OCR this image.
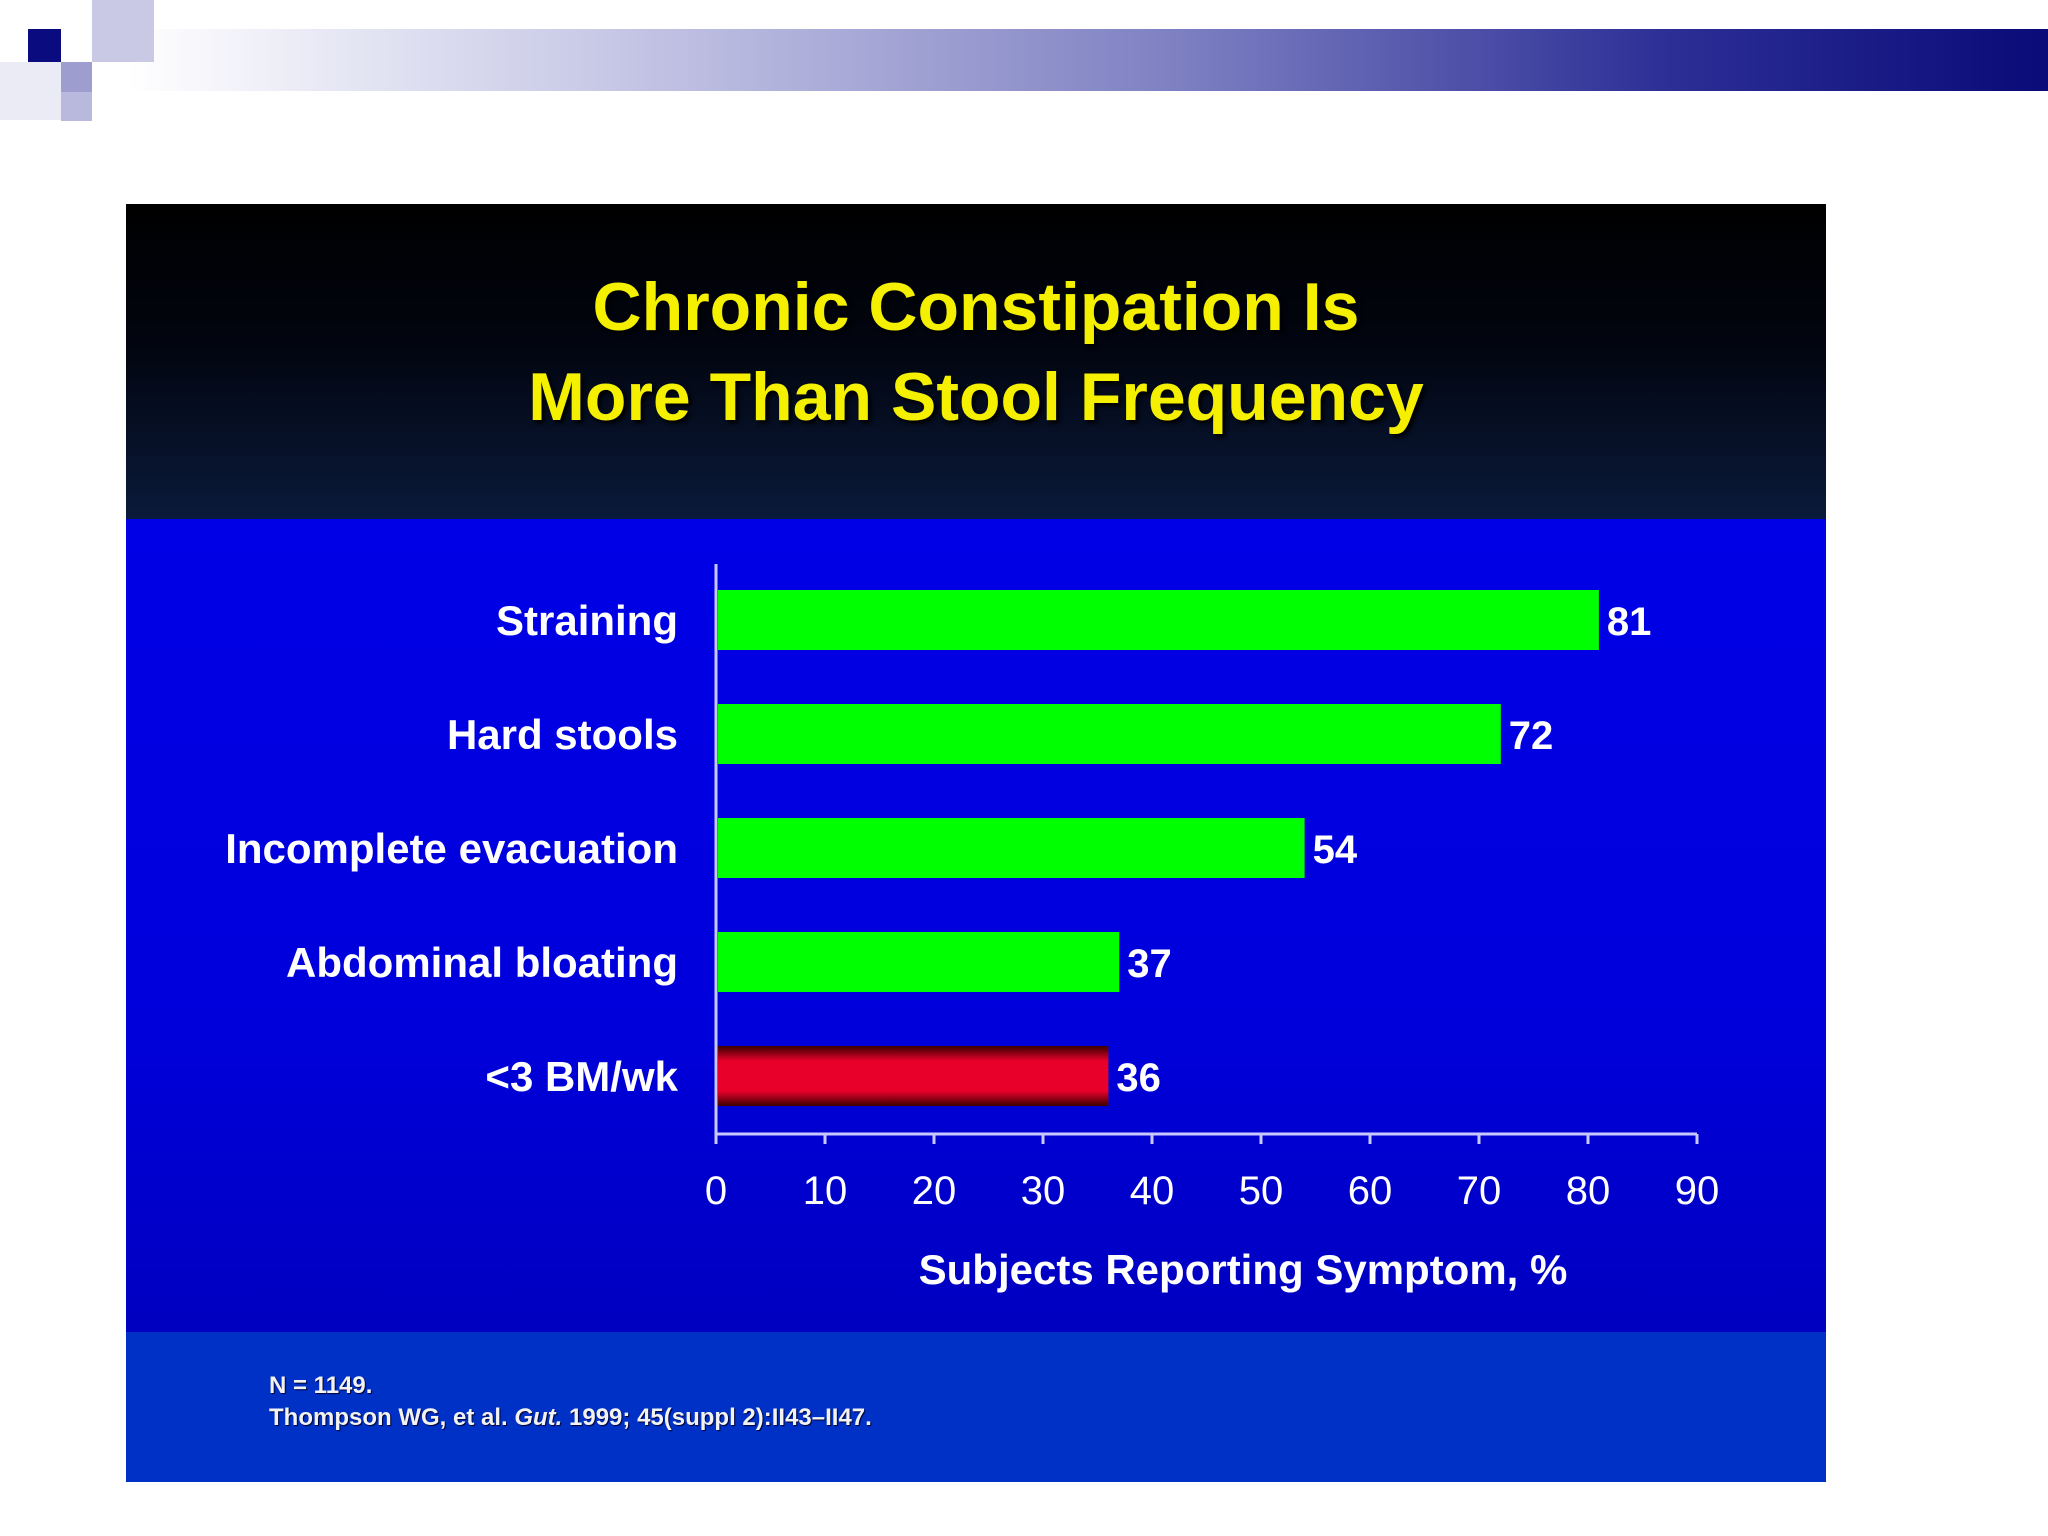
Chronic Constipation Is
More Than Stool Frequency
Straining	81
Hard stools	72
Incomplete evacuation	54
Abdominal bloating	37
<3 BM/wk	36
0 10 20 30 40 50 60 70 80 90
Subjects Reporting Symptom, %
N = 1149.
Thompson WG, et al. Gut. 1999; 45(suppl 2):II43–II47.
